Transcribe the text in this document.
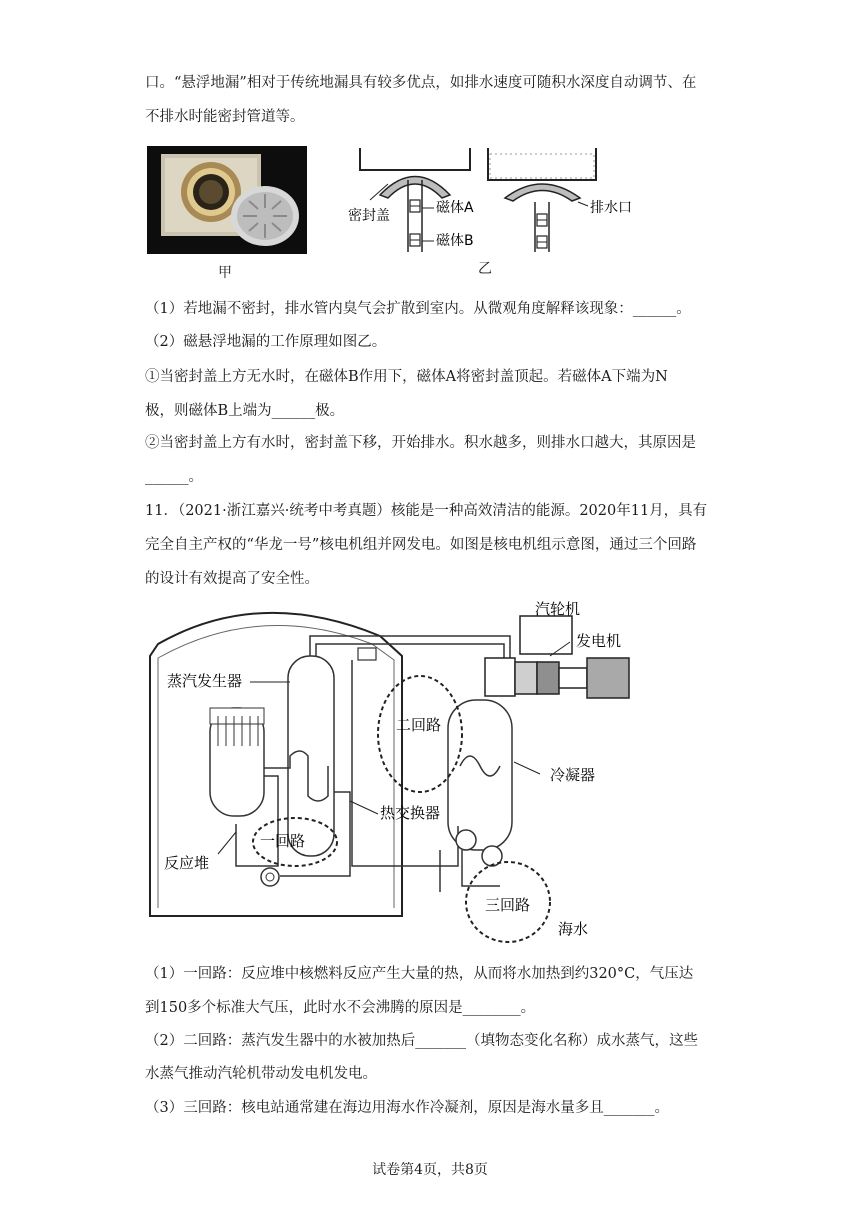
口。“悬浮地漏”相对于传统地漏具有较多优点，如排水速度可随积水深度自动调节、在
不排水时能密封管道等。
甲
密封盖	磁体A
磁体B
排水口
乙
（1）若地漏不密封，排水管内臭气会扩散到室内。从微观角度解释该现象：______。
（2）磁悬浮地漏的工作原理如图乙。
①当密封盖上方无水时，在磁体B作用下，磁体A将密封盖顶起。若磁体A下端为N
极，则磁体B上端为______极。
②当密封盖上方有水时，密封盖下移，开始排水。积水越多，则排水口越大，其原因是
______。
11．（2021·浙江嘉兴·统考中考真题）核能是一种高效清洁的能源。2020年11月，具有
完全自主产权的“华龙一号”核电机组并网发电。如图是核电机组示意图，通过三个回路
的设计有效提高了安全性。
汽轮机
发电机
蒸汽发生器
二回路
冷凝器
热交换器
一回路
反应堆
三回路
海水
（1）一回路：反应堆中核燃料反应产生大量的热，从而将水加热到约320°C，气压达
到150多个标准大气压，此时水不会沸腾的原因是________。
（2）二回路：蒸汽发生器中的水被加热后_______（填物态变化名称）成水蒸气，这些
水蒸气推动汽轮机带动发电机发电。
（3）三回路：核电站通常建在海边用海水作冷凝剂，原因是海水量多且_______。
试卷第4页，共8页
